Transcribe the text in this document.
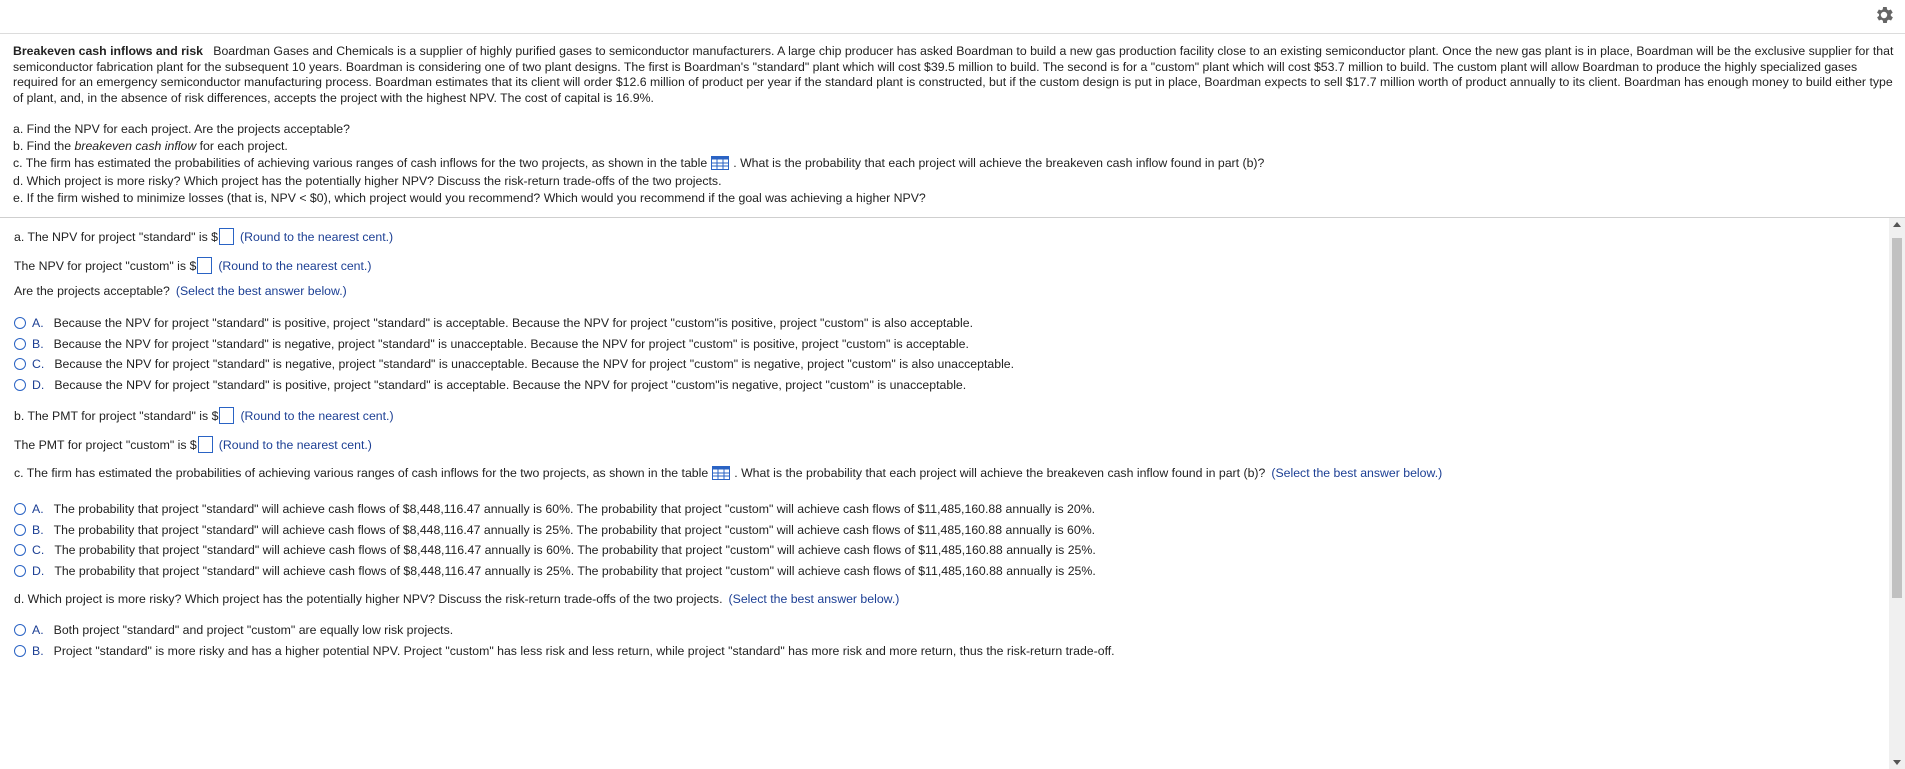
Breakeven cash inflows and risk Boardman Gases and Chemicals is a supplier of highly purified gases to semiconductor manufacturers. A large chip producer has asked Boardman to build a new gas production facility close to an existing semiconductor plant. Once the new gas plant is in place, Boardman will be the exclusive supplier for that semiconductor fabrication plant for the subsequent 10 years. Boardman is considering one of two plant designs. The first is Boardman's "standard" plant which will cost $39.5 million to build. The second is for a "custom" plant which will cost $53.7 million to build. The custom plant will allow Boardman to produce the highly specialized gases required for an emergency semiconductor manufacturing process. Boardman estimates that its client will order $12.6 million of product per year if the standard plant is constructed, but if the custom design is put in place, Boardman expects to sell $17.7 million worth of product annually to its client. Boardman has enough money to build either type of plant, and, in the absence of risk differences, accepts the project with the highest NPV. The cost of capital is 16.9%.
a. Find the NPV for each project. Are the projects acceptable?
b. Find the breakeven cash inflow for each project.
c. The firm has estimated the probabilities of achieving various ranges of cash inflows for the two projects, as shown in the table . What is the probability that each project will achieve the breakeven cash inflow found in part (b)?
d. Which project is more risky? Which project has the potentially higher NPV? Discuss the risk-return trade-offs of the two projects.
e. If the firm wished to minimize losses (that is, NPV < $0), which project would you recommend? Which would you recommend if the goal was achieving a higher NPV?
a. The NPV for project "standard" is $ (Round to the nearest cent.)
The NPV for project "custom" is $ (Round to the nearest cent.)
Are the projects acceptable? (Select the best answer below.)
A. Because the NPV for project "standard" is positive, project "standard" is acceptable. Because the NPV for project "custom"is positive, project "custom" is also acceptable.
B. Because the NPV for project "standard" is negative, project "standard" is unacceptable. Because the NPV for project "custom" is positive, project "custom" is acceptable.
C. Because the NPV for project "standard" is negative, project "standard" is unacceptable. Because the NPV for project "custom" is negative, project "custom" is also unacceptable.
D. Because the NPV for project "standard" is positive, project "standard" is acceptable. Because the NPV for project "custom"is negative, project "custom" is unacceptable.
b. The PMT for project "standard" is $ (Round to the nearest cent.)
The PMT for project "custom" is $ (Round to the nearest cent.)
c. The firm has estimated the probabilities of achieving various ranges of cash inflows for the two projects, as shown in the table . What is the probability that each project will achieve the breakeven cash inflow found in part (b)? (Select the best answer below.)
A. The probability that project "standard" will achieve cash flows of $8,448,116.47 annually is 60%. The probability that project "custom" will achieve cash flows of $11,485,160.88 annually is 20%.
B. The probability that project "standard" will achieve cash flows of $8,448,116.47 annually is 25%. The probability that project "custom" will achieve cash flows of $11,485,160.88 annually is 60%.
C. The probability that project "standard" will achieve cash flows of $8,448,116.47 annually is 60%. The probability that project "custom" will achieve cash flows of $11,485,160.88 annually is 25%.
D. The probability that project "standard" will achieve cash flows of $8,448,116.47 annually is 25%. The probability that project "custom" will achieve cash flows of $11,485,160.88 annually is 25%.
d. Which project is more risky? Which project has the potentially higher NPV? Discuss the risk-return trade-offs of the two projects. (Select the best answer below.)
A. Both project "standard" and project "custom" are equally low risk projects.
B. Project "standard" is more risky and has a higher potential NPV. Project "custom" has less risk and less return, while project "standard" has more risk and more return, thus the risk-return trade-off.
